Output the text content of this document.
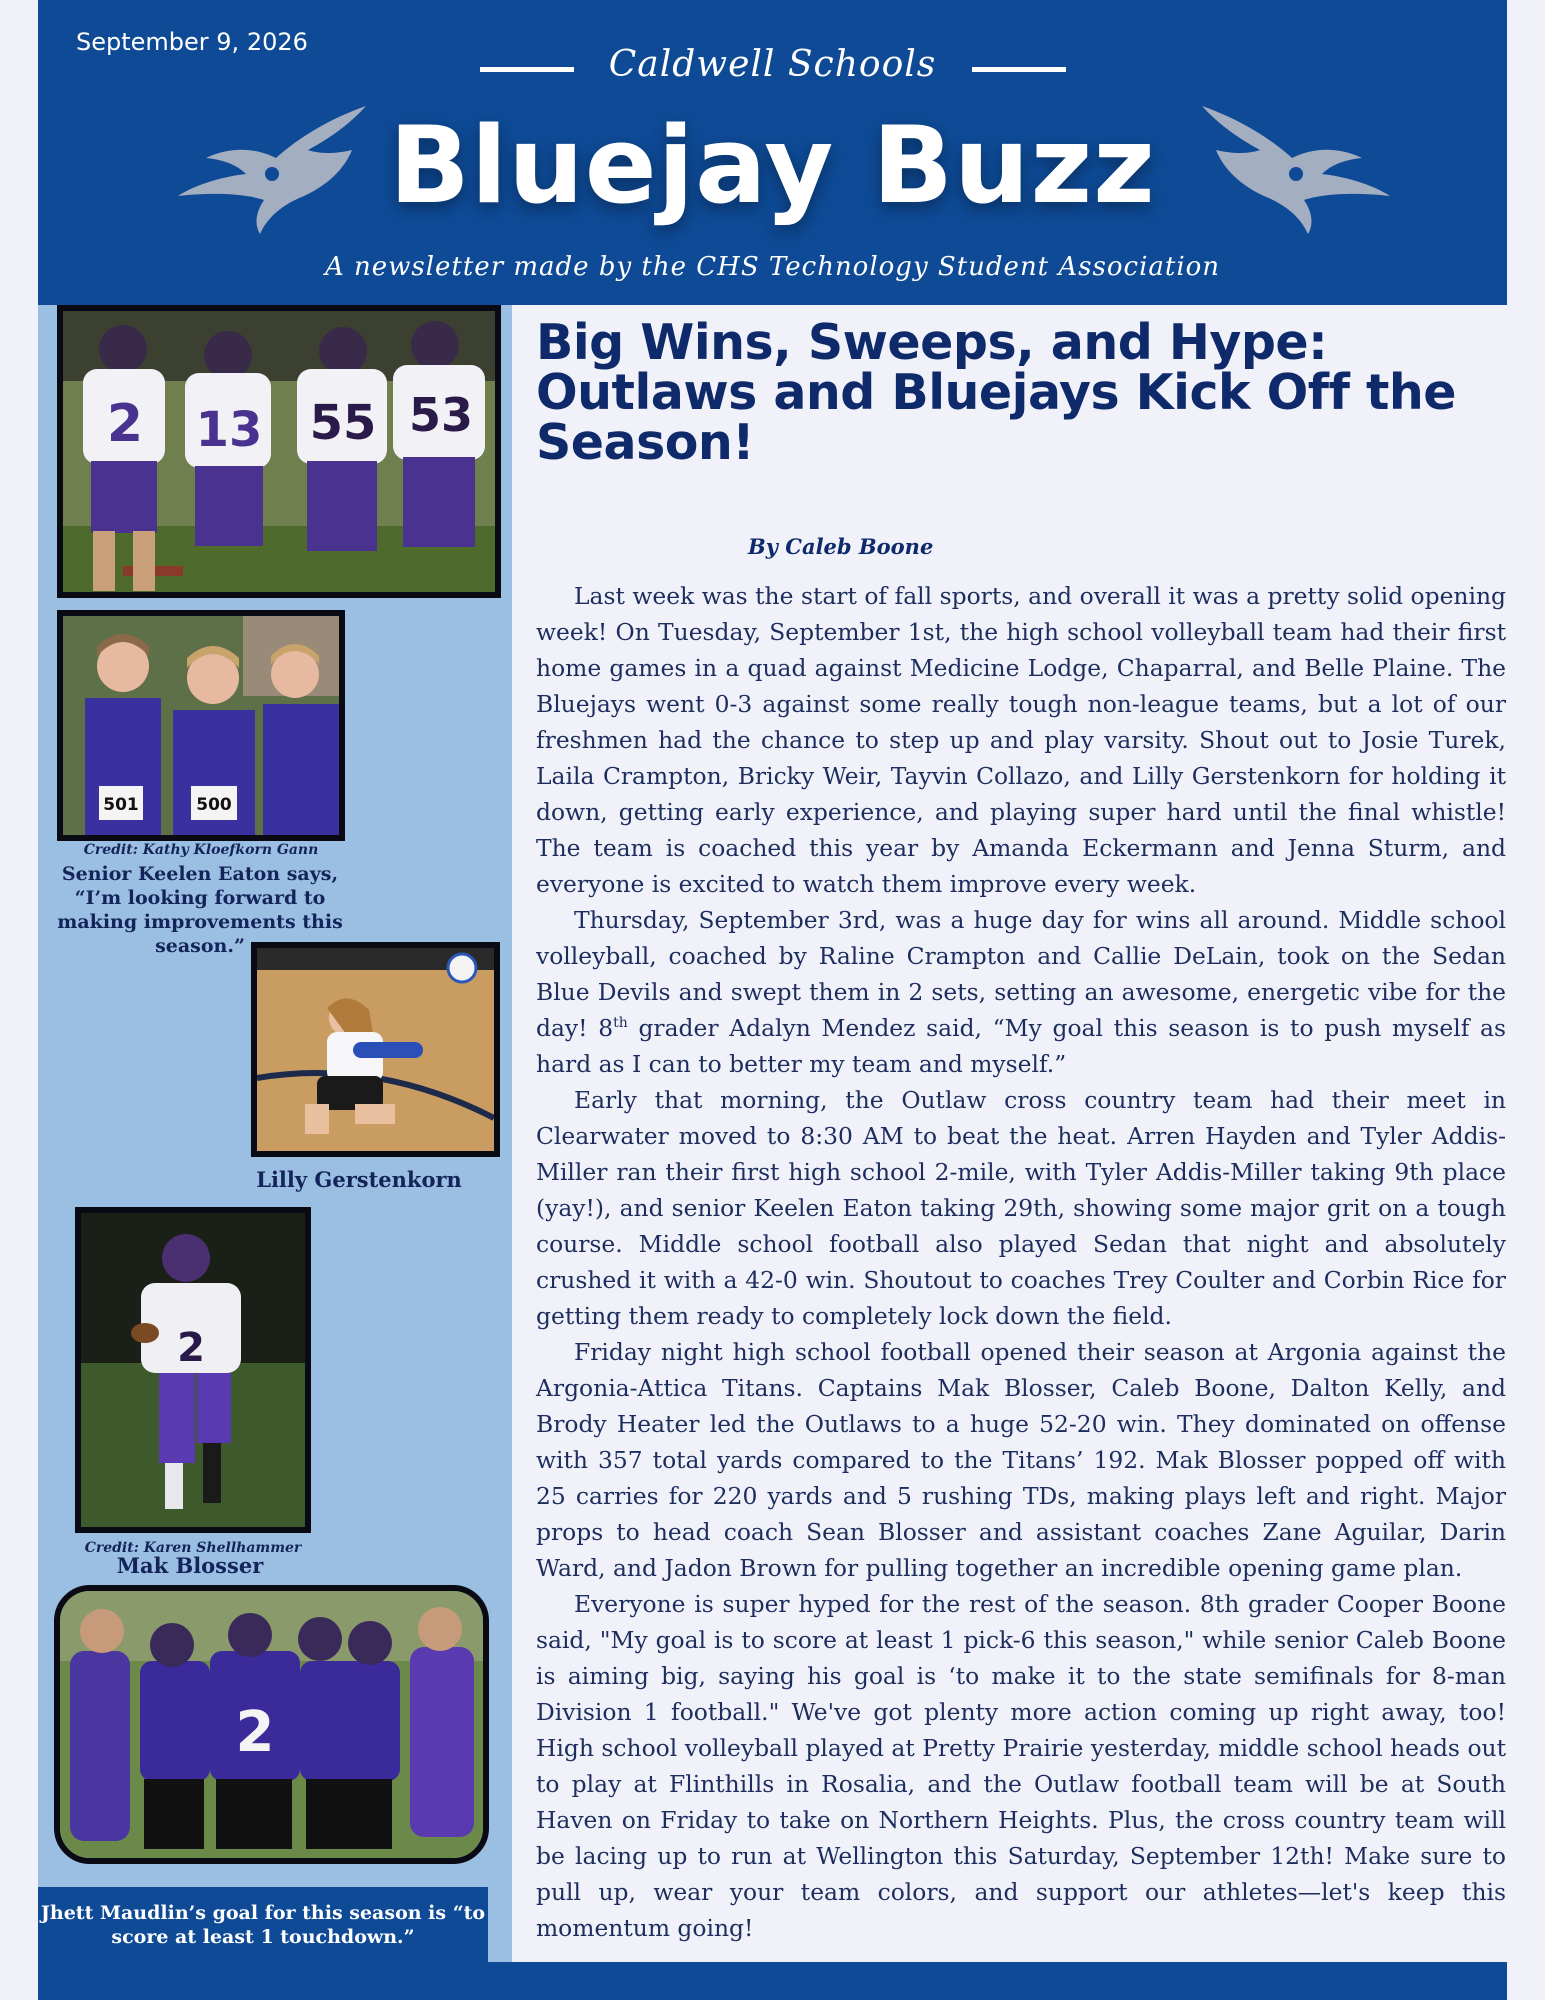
September 9, 2026
Caldwell Schools
Bluejay Buzz
A newsletter made by the CHS Technology Student Association
2 13 55 53
501	500
Credit: Kathy Kloefkorn Gann
Senior Keelen Eaton says, “I’m looking forward to making improvements this season.”
Lilly Gerstenkorn
2
Credit: Karen Shellhammer
Mak Blosser
2
Jhett Maudlin’s goal for this season is “to score at least 1 touchdown.”
Big Wins, Sweeps, and Hype: Outlaws and Bluejays Kick Off the Season!
By Caleb Boone

Last week was the start of fall sports, and overall it was a pretty solid opening week! On Tuesday, September 1st, the high school volleyball team had their first home games in a quad against Medicine Lodge, Chaparral, and Belle Plaine. The Bluejays went 0-3 against some really tough non-league teams, but a lot of our freshmen had the chance to step up and play varsity. Shout out to Josie Turek, Laila Crampton, Bricky Weir, Tayvin Collazo, and Lilly Gerstenkorn for holding it down, getting early experience, and playing super hard until the final whistle! The team is coached this year by Amanda Eckermann and Jenna Sturm, and everyone is excited to watch them improve every week.

Thursday, September 3rd, was a huge day for wins all around. Middle school volleyball, coached by Raline Crampton and Callie DeLain, took on the Sedan Blue Devils and swept them in 2 sets, setting an awesome, energetic vibe for the day! 8th grader Adalyn Mendez said, “My goal this season is to push myself as hard as I can to better my team and myself.”

Early that morning, the Outlaw cross country team had their meet in Clearwater moved to 8:30 AM to beat the heat. Arren Hayden and Tyler Addis-Miller ran their first high school 2-mile, with Tyler Addis-Miller taking 9th place (yay!), and senior Keelen Eaton taking 29th, showing some major grit on a tough course. Middle school football also played Sedan that night and absolutely crushed it with a 42-0 win. Shoutout to coaches Trey Coulter and Corbin Rice for getting them ready to completely lock down the field.

Friday night high school football opened their season at Argonia against the Argonia-Attica Titans. Captains Mak Blosser, Caleb Boone, Dalton Kelly, and Brody Heater led the Outlaws to a huge 52-20 win. They dominated on offense with 357 total yards compared to the Titans’ 192. Mak Blosser popped off with 25 carries for 220 yards and 5 rushing TDs, making plays left and right. Major props to head coach Sean Blosser and assistant coaches Zane Aguilar, Darin Ward, and Jadon Brown for pulling together an incredible opening game plan.

Everyone is super hyped for the rest of the season. 8th grader Cooper Boone said, "My goal is to score at least 1 pick-6 this season," while senior Caleb Boone is aiming big, saying his goal is ‘to make it to the state semifinals for 8-man Division 1 football." We've got plenty more action coming up right away, too! High school volleyball played at Pretty Prairie yesterday, middle school heads out to play at Flinthills in Rosalia, and the Outlaw football team will be at South Haven on Friday to take on Northern Heights. Plus, the cross country team will be lacing up to run at Wellington this Saturday, September 12th! Make sure to pull up, wear your team colors, and support our athletes—let's keep this momentum going!
